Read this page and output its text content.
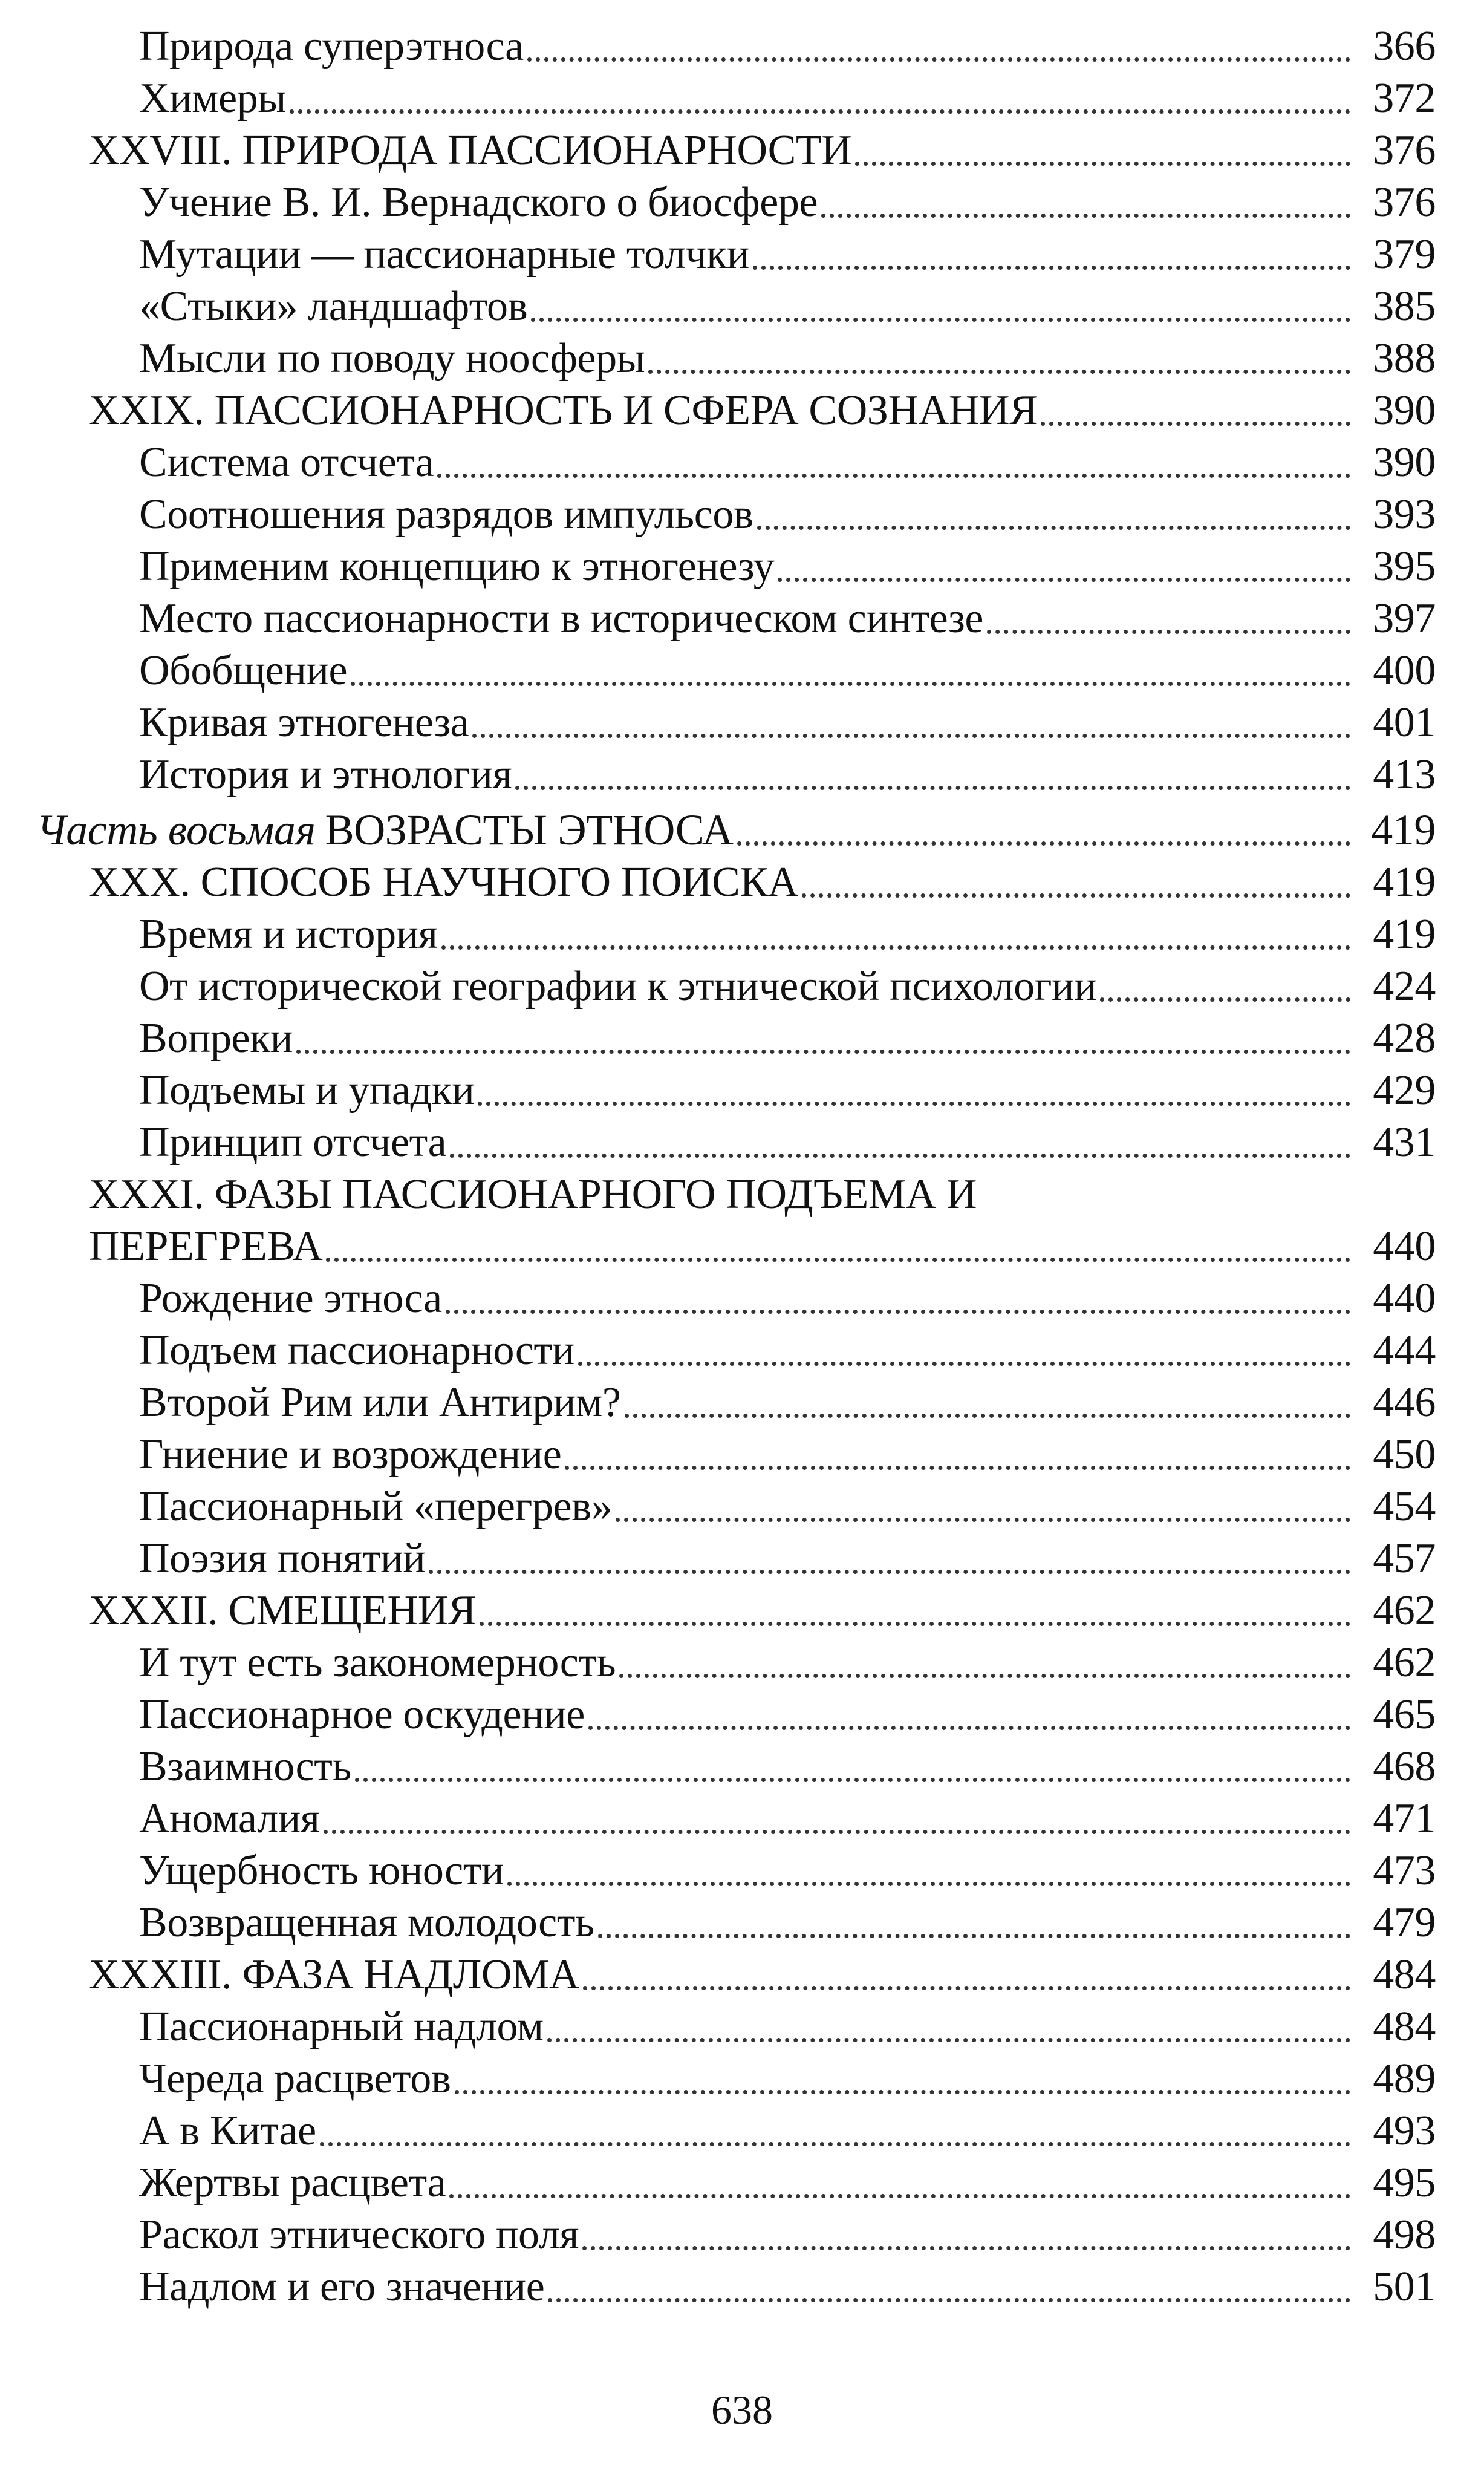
Природа суперэтноса	366
Химеры	372
XXVIII. ПРИРОДА ПАССИОНАРНОСТИ	376
Учение В. И. Вернадского о биосфере	376
Мутации — пассионарные толчки	379
«Стыки» ландшафтов	385
Мысли по поводу ноосферы	388
XXIX. ПАССИОНАРНОСТЬ И СФЕРА СОЗНАНИЯ	390
Система отсчета	390
Соотношения разрядов импульсов	393
Применим концепцию к этногенезу	395
Место пассионарности в историческом синтезе	397
Обобщение	400
Кривая этногенеза	401
История и этнология	413
Часть восьмая ВОЗРАСТЫ ЭТНОСА	419
XXX. СПОСОБ НАУЧНОГО ПОИСКА	419
Время и история	419
От исторической географии к этнической психологии	424
Вопреки	428
Подъемы и упадки	429
Принцип отсчета	431
XXXI. ФАЗЫ ПАССИОНАРНОГО ПОДЪЕМА И
ПЕРЕГРЕВА	440
Рождение этноса	440
Подъем пассионарности	444
Второй Рим или Антирим?	446
Гниение и возрождение	450
Пассионарный «перегрев»	454
Поэзия понятий	457
XXXII. СМЕЩЕНИЯ	462
И тут есть закономерность	462
Пассионарное оскудение	465
Взаимность	468
Аномалия	471
Ущербность юности	473
Возвращенная молодость	479
XXXIII. ФАЗА НАДЛОМА	484
Пассионарный надлом	484
Череда расцветов	489
А в Китае	493
Жертвы расцвета	495
Раскол этнического поля	498
Надлом и его значение	501
638
